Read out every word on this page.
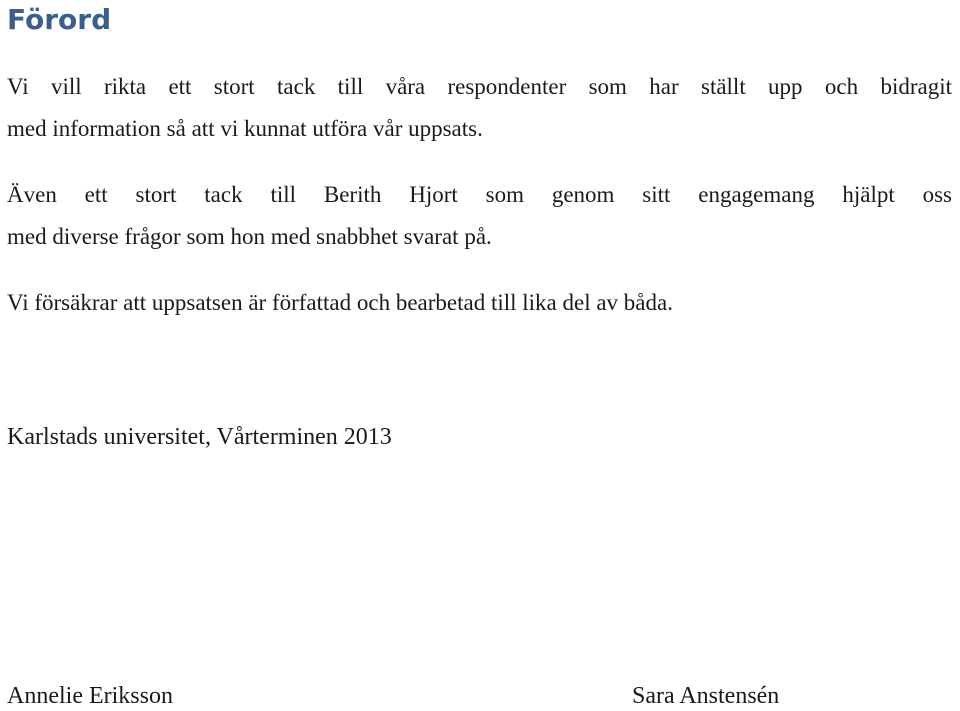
Förord

Vi vill rikta ett stort tack till våra respondenter som har ställt upp och bidragit
med information så att vi kunnat utföra vår uppsats.

Även ett stort tack till Berith Hjort som genom sitt engagemang hjälpt oss
med diverse frågor som hon med snabbhet svarat på.

Vi försäkrar att uppsatsen är författad och bearbetad till lika del av båda.

Karlstads universitet, Vårterminen 2013

Annelie Eriksson	Sara Anstensén
